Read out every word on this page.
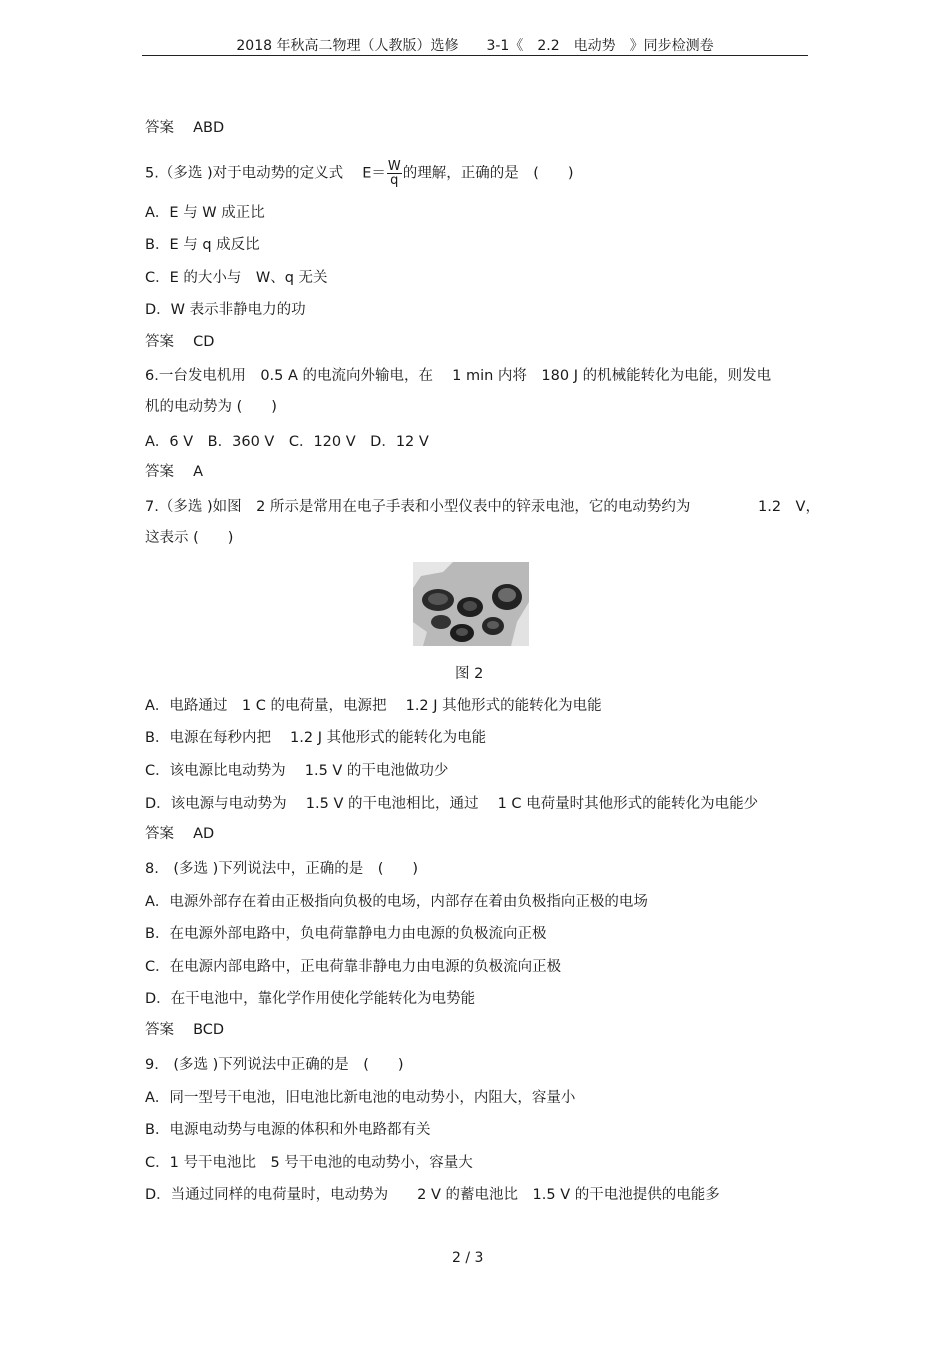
2018 年秋高二物理（人教版）选修　　3-1《　2.2　电动势　》同步检测卷
答案　 ABD
5.（多选 )对于电动势的定义式　 $E= \frac{W}{q}$ 的理解，正确的是　(　　)
A．E 与 W 成正比
B．E 与 q 成反比
C．E 的大小与　W、q 无关
D．W 表示非静电力的功
答案　 CD
6.一台发电机用　0.5 A 的电流向外输电，在　 1 min 内将　180 J 的机械能转化为电能，则发电
机的电动势为 (　　)
A．6 V　B．360 V　C．120 V　D．12 V
答案　 A
7.（多选 )如图　2 所示是常用在电子手表和小型仪表中的锌汞电池，它的电动势约为	1.2　V，
这表示 (　　)
图 2
A．电路通过　1 C 的电荷量，电源把　 1.2 J 其他形式的能转化为电能
B．电源在每秒内把　 1.2 J 其他形式的能转化为电能
C．该电源比电动势为　 1.5 V 的干电池做功少
D．该电源与电动势为　 1.5 V 的干电池相比，通过　 1 C 电荷量时其他形式的能转化为电能少
答案　 AD
8.　(多选 )下列说法中，正确的是　(　　)
A．电源外部存在着由正极指向负极的电场，内部存在着由负极指向正极的电场
B．在电源外部电路中，负电荷靠静电力由电源的负极流向正极
C．在电源内部电路中，正电荷靠非静电力由电源的负极流向正极
D．在干电池中，靠化学作用使化学能转化为电势能
答案　 BCD
9.　(多选 )下列说法中正确的是　(　　)
A．同一型号干电池，旧电池比新电池的电动势小，内阻大，容量小
B．电源电动势与电源的体积和外电路都有关
C．1 号干电池比　5 号干电池的电动势小，容量大
D．当通过同样的电荷量时，电动势为　　2 V 的蓄电池比　1.5 V 的干电池提供的电能多
2 / 3
